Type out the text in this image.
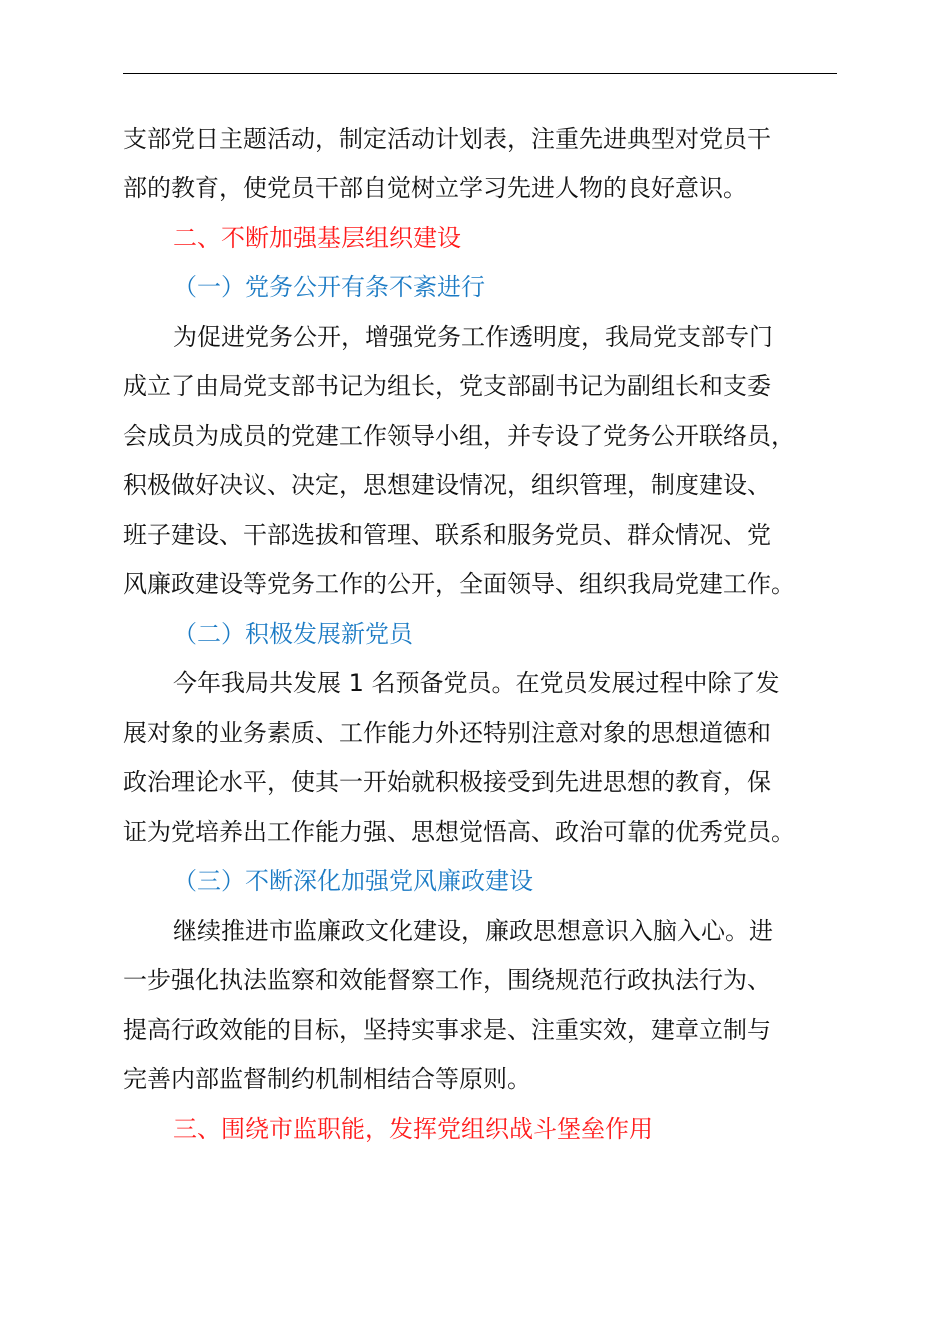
支部党日主题活动，制定活动计划表，注重先进典型对党员干
部的教育，使党员干部自觉树立学习先进人物的良好意识。
二、不断加强基层组织建设
（一）党务公开有条不紊进行
为促进党务公开，增强党务工作透明度，我局党支部专门
成立了由局党支部书记为组长，党支部副书记为副组长和支委
会成员为成员的党建工作领导小组，并专设了党务公开联络员，
积极做好决议、决定，思想建设情况，组织管理，制度建设、
班子建设、干部选拔和管理、联系和服务党员、群众情况、党
风廉政建设等党务工作的公开，全面领导、组织我局党建工作。
（二）积极发展新党员
今年我局共发展 1 名预备党员。在党员发展过程中除了发
展对象的业务素质、工作能力外还特别注意对象的思想道德和
政治理论水平，使其一开始就积极接受到先进思想的教育，保
证为党培养出工作能力强、思想觉悟高、政治可靠的优秀党员。
（三）不断深化加强党风廉政建设
继续推进市监廉政文化建设，廉政思想意识入脑入心。进
一步强化执法监察和效能督察工作，围绕规范行政执法行为、
提高行政效能的目标，坚持实事求是、注重实效，建章立制与
完善内部监督制约机制相结合等原则。
三、围绕市监职能，发挥党组织战斗堡垒作用
